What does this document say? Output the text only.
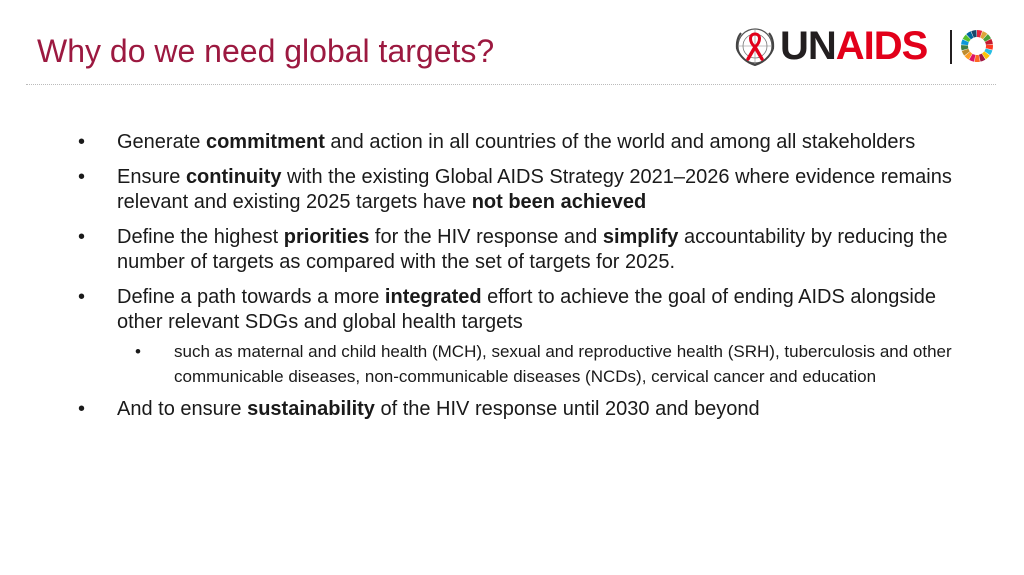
Why do we need global targets?	UNAIDS
• Generate commitment and action in all countries of the world and among all stakeholders
• Ensure continuity with the existing Global AIDS Strategy 2021–2026 where evidence remains relevant and existing 2025 targets have not been achieved
• Define the highest priorities for the HIV response and simplify accountability by reducing the number of targets as compared with the set of targets for 2025.
• Define a path towards a more integrated effort to achieve the goal of ending AIDS alongside other relevant SDGs and global health targets
• such as maternal and child health (MCH), sexual and reproductive health (SRH), tuberculosis and other communicable diseases, non-communicable diseases (NCDs), cervical cancer and education
• And to ensure sustainability of the HIV response until 2030 and beyond
